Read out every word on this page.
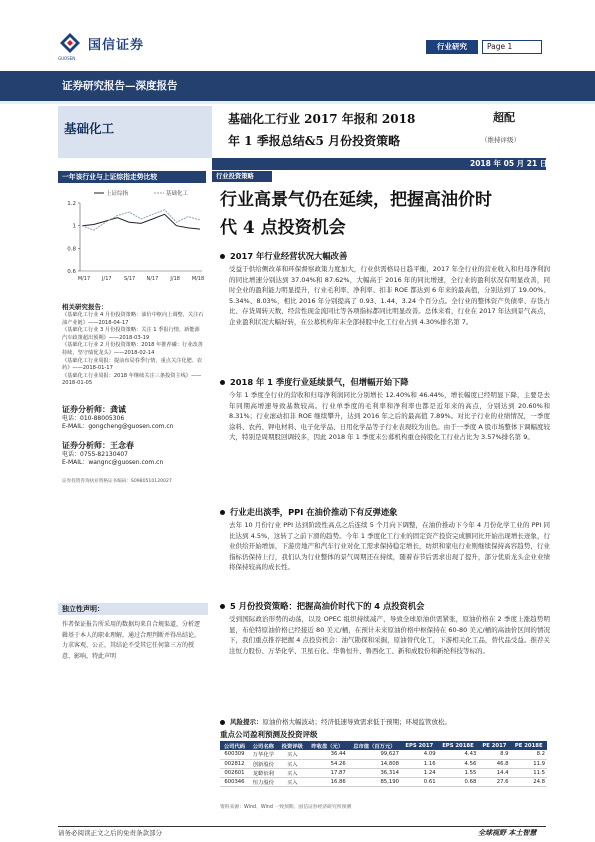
国信证券
GUOSEN
行业研究	Page 1
证券研究报告—深度报告
基础化工
基础化工行业 2017 年报和 2018
年 1 季报总结&5 月份投资策略
超配
（维持评级）
2018 年 05 月 21 日
一年该行业与上证综指走势比较
0.6
0.8
1
1.2
M/17 J/17 S/17 N/17 J/18 M/18
上证综指	基础化工
相关研究报告：

《基础化工行业 4 月份投资策略：油价中枢向上调整，关注石油产业链》——2018-04-17

《基础化工行业 3 月份投资策略：关注 1 季报行情，新能源汽车政策超出预期》——2018-03-19

《基础化工行业 2 月份投资策略：2018 年推荐磷：行业改善持续，坚守绩优龙头》——2018-02-14

《基础化工行业周报：提前布局春季行情，重点关注化肥、农药》——2018-01-17

《基础化工行业周报：2018 年继续关注三条投资主线》——2018-01-05

证券分析师：龚诚
电话：010-88005306
E-MAIL：gongcheng@guosen.com.cn
证券分析师：王念春
电话：0755-82130407
E-MAIL：wangnc@guosen.com.cn
证券投资咨询执业资格证书编码：S0980510120027
独立性声明：
作者保证报告所采用的数据均来自合规渠道，分析逻辑基于本人的职业理解，通过合理判断并得出结论，力求客观、公正，其结论不受其它任何第三方的授意、影响，特此声明
行业投资策略
行业高景气仍在延续，把握高油价时
代 4 点投资机会
2017 年行业经营状况大幅改善
受益于供给侧改革和环保督察政策力度加大，行业供需格局日趋平衡，2017 年全行业的营业收入和归母净利润的同比增速分别达到 37.04%和 87.62%，大幅高于 2016 年的同比增速，全行业的盈利状况有明显改善，同时全业的盈利能力明显提升，行业毛利率、净利率、扣非 ROE 都达到 6 年来的最高值，分别达到了 19.00%、5.34%、8.03%，相比 2016 年分别提高了 0.93、1.44、3.24 个百分点。全行业的整体资产负债率、存货占比、存货周转天数、经营性现金流同比等各项指标都同比明显改善。总体来看，行业在 2017 年达到景气高点，企业盈利状况大幅好转，在公募机构年末全部持股中化工行业占到 4.30%排名第 7。
2018 年 1 季度行业延续景气，但增幅开始下降
今年 1 季度全行业的营收和归母净利润同比分别增长 12.40%和 46.44%，增长幅度已经明显下降，主要是去年同期高增速导致基数较高。行业单季度的毛利率和净利率也都是近年来的高点，分别达到 20.60%和 8.31%；行业滚动扣非 ROE 继续攀升，达到 2016 年之后的最高值 7.89%。对比子行业的业绩情况，一季度涂料、农药、钾电材料、电子化学品、日用化学品等子行业表现较为出色。由于一季度 A 股市场整体下调幅度较大，特别是周期股回调较多，因此 2018 年 1 季度末公募机构重仓持股化工行业占比为 3.57%排名第 9。
行业走出淡季，PPI 在油价推动下有反弹迹象
去年 10 月份行业 PPI 达到阶段性高点之后连续 5 个月向下调整，在油价推动下今年 4 月份化学工业的 PPI 同比达到 4.5%，这转了之前下滑的趋势。今年 1 季度化工行业的固定资产投资完成额同比开始出现增长迹象，行业供给开始增加，下游房地产和汽车行业对化工需求保持稳定增长，纺织和家电行业则继续保持高容趋势，行业指标仍保持上行，我们认为行业整体的景气周期还在持续，随着春节后需求出现了提升，部分优质龙头企业业绩将保持较高的成长性。
5 月份投资策略：把握高油价时代下的 4 点投资机会
受到国际政治形势的动荡，以及 OPEC 组织持续减产，导致全球原油供需紧张，原油价格在 2 季度上涨趋势明显，布伦特原油价格已经接近 80 美元/桶，在预计未来原油价格中枢保持在 60-80 美元/桶的高油价区间的情况下，我们重点推荐把握 4 点投资机会：油气勘探和采掘，原油替代化工，下游相关化工品，替代品受益。推荐关注恒力股份、万华化学、卫星石化、华鲁恒升、鲁西化工、新和成股份和新纶科技等标的。
风险提示：原油价格大幅波动；经济低速导致需求低于预期；环境监管放松。
重点公司盈利预测及投资评级
公司代码	公司名称	投资评级	昨收盘（元）	总市值（百万元）	EPS 2017	EPS 2018E	PE 2017	PE 2018E
600309	万华化学	买入	36.44	99,627	4.09	4.43	8.9	8.2
002812	创新股份	买入	54.26	14,808	1.16	4.56	46.8	11.9
002601	龙蟒佰利	买入	17.87	36,314	1.24	1.55	14.4	11.5
600346	恒力股份	买入	16.86	85,190	0.61	0.68	27.6	24.8
资料来源：Wind、Wind 一致预期、国信证券经济研究所预测
请务必阅读正文之后的免责条款部分	全球视野 本土智慧
